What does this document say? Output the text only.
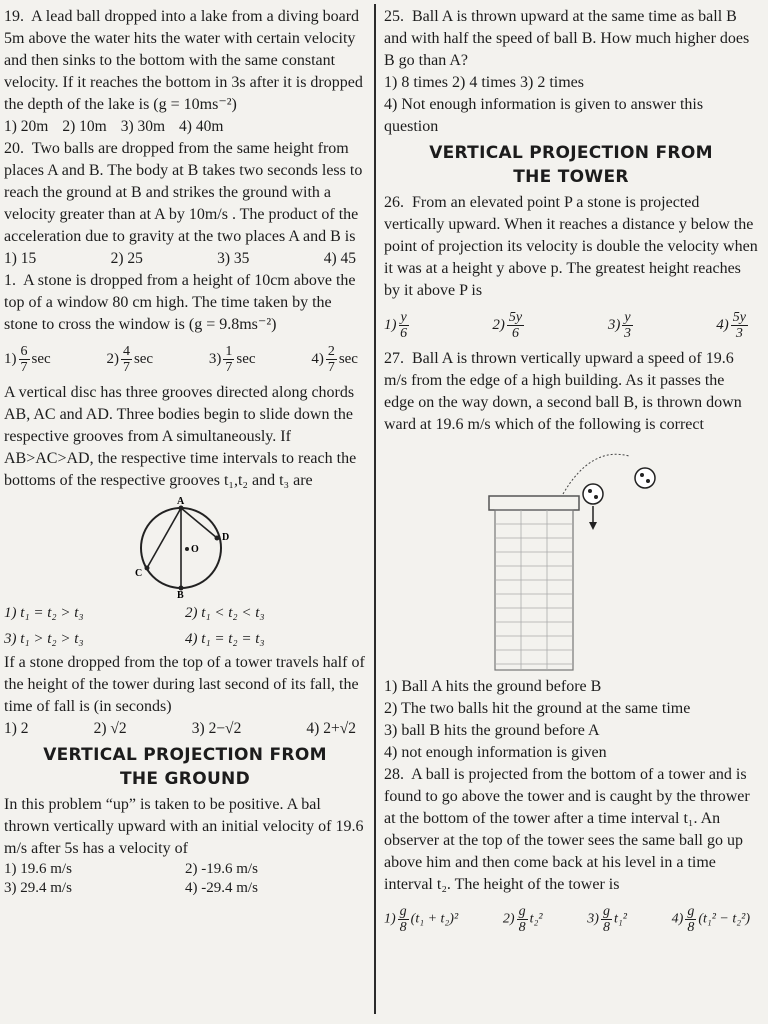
19. A lead ball dropped into a lake from a diving board 5m above the water hits the water with certain velocity and then sinks to the bottom with the same constant velocity. If it reaches the bottom in 3s after it is dropped the depth of the lake is (g = 10ms⁻²)

1) 20m 2) 10m 3) 30m 4) 40m

20. Two balls are dropped from the same height from places A and B. The body at B takes two seconds less to reach the ground at B and strikes the ground with a velocity greater than at A by 10m/s . The product of the acceleration due to gravity at the two places A and B is

1) 15	2) 25	3) 35	4) 45

1. A stone is dropped from a height of 10cm above the top of a window 80 cm high. The time taken by the stone to cross the window is (g = 9.8ms⁻²)

$1) \frac{6}{7}$ sec	$2) \frac{4}{7}$ sec	$3) \frac{1}{7}$ sec	$4) \frac{2}{7}$ sec

A vertical disc has three grooves directed along chords AB, AC and AD. Three bodies begin to slide down the respective grooves from A simultaneously. If AB>AC>AD, the respective time intervals to reach the bottoms of the respective grooves t₁,t₂ and t₃ are

A
B
C
D
O
1) t₁ = t₂ > t₃	2) t₁ < t₂ < t₃
3) t₁ > t₂ > t₃	4) t₁ = t₂ = t₃

If a stone dropped from the top of a tower travels half of the height of the tower during last second of its fall, the time of fall is (in seconds)

1) 2	2) √2	3) 2−√2	4) 2+√2
VERTICAL PROJECTION FROM
THE GROUND

In this problem “up” is taken to be positive. A bal thrown vertically upward with an initial velocity of 19.6 m/s after 5s has a velocity of

1) 19.6 m/s	2) -19.6 m/s
3) 29.4 m/s	4) -29.4 m/s

25. Ball A is thrown upward at the same time as ball B and with half the speed of ball B. How much higher does B go than A?

1) 8 times 2) 4 times 3) 2 times

4) Not enough information is given to answer this question

VERTICAL PROJECTION FROM
THE TOWER

26. From an elevated point P a stone is projected vertically upward. When it reaches a distance y below the point of projection its velocity is double the velocity when it was at a height y above p. The greatest height reaches by it above P is

$1) \frac{y}{6}$	$2) \frac{5y}{6}$	$3) \frac{y}{3}$	$4) \frac{5y}{3}$

27. Ball A is thrown vertically upward a speed of 19.6 m/s from the edge of a high building. As it passes the edge on the way down, a second ball B, is thrown down ward at 19.6 m/s which of the following is correct

1) Ball A hits the ground before B

2) The two balls hit the ground at the same time

3) ball B hits the ground before A

4) not enough information is given

28. A ball is projected from the bottom of a tower and is found to go above the tower and is caught by the thrower at the bottom of the tower after a time interval t₁. An observer at the top of the tower sees the same ball go up above him and then come back at his level in a time interval t₂. The height of the tower is

$1) \frac{g}{8} (t_1 + t_2)^2$	$2) \frac{g}{8} t_2^2$	$3) \frac{g}{8} t_1^2$	$4) \frac{g}{8} (t_1^2 - t_2^2)$
